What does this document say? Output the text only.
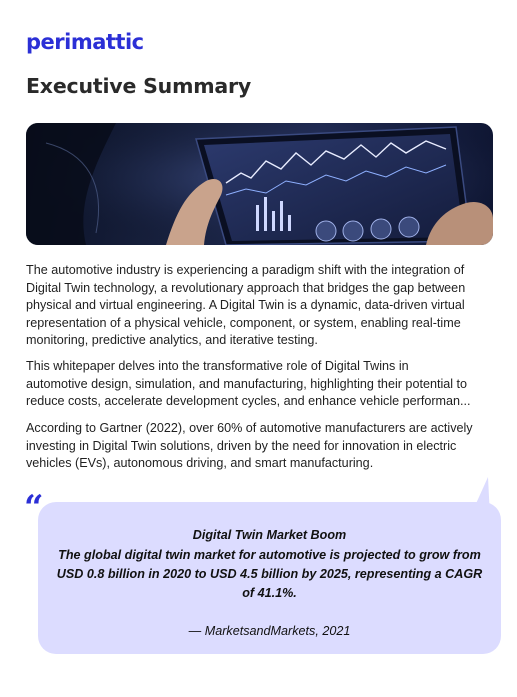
perimattic
Executive Summary
The automotive industry is experiencing a paradigm shift with the integration of
Digital Twin technology, a revolutionary approach that bridges the gap between
physical and virtual engineering. A Digital Twin is a dynamic, data-driven virtual
representation of a physical vehicle, component, or system, enabling real-time
monitoring, predictive analytics, and iterative testing.
This whitepaper delves into the transformative role of Digital Twins in
automotive design, simulation, and manufacturing, highlighting their potential to
reduce costs, accelerate development cycles, and enhance vehicle performan...
According to Gartner (2022), over 60% of automotive manufacturers are actively
investing in Digital Twin solutions, driven by the need for innovation in electric
vehicles (EVs), autonomous driving, and smart manufacturing.
“
Digital Twin Market Boom
The global digital twin market for automotive is projected to grow from
USD 0.8 billion in 2020 to USD 4.5 billion by 2025, representing a CAGR
of 41.1%.
— MarketsandMarkets, 2021
